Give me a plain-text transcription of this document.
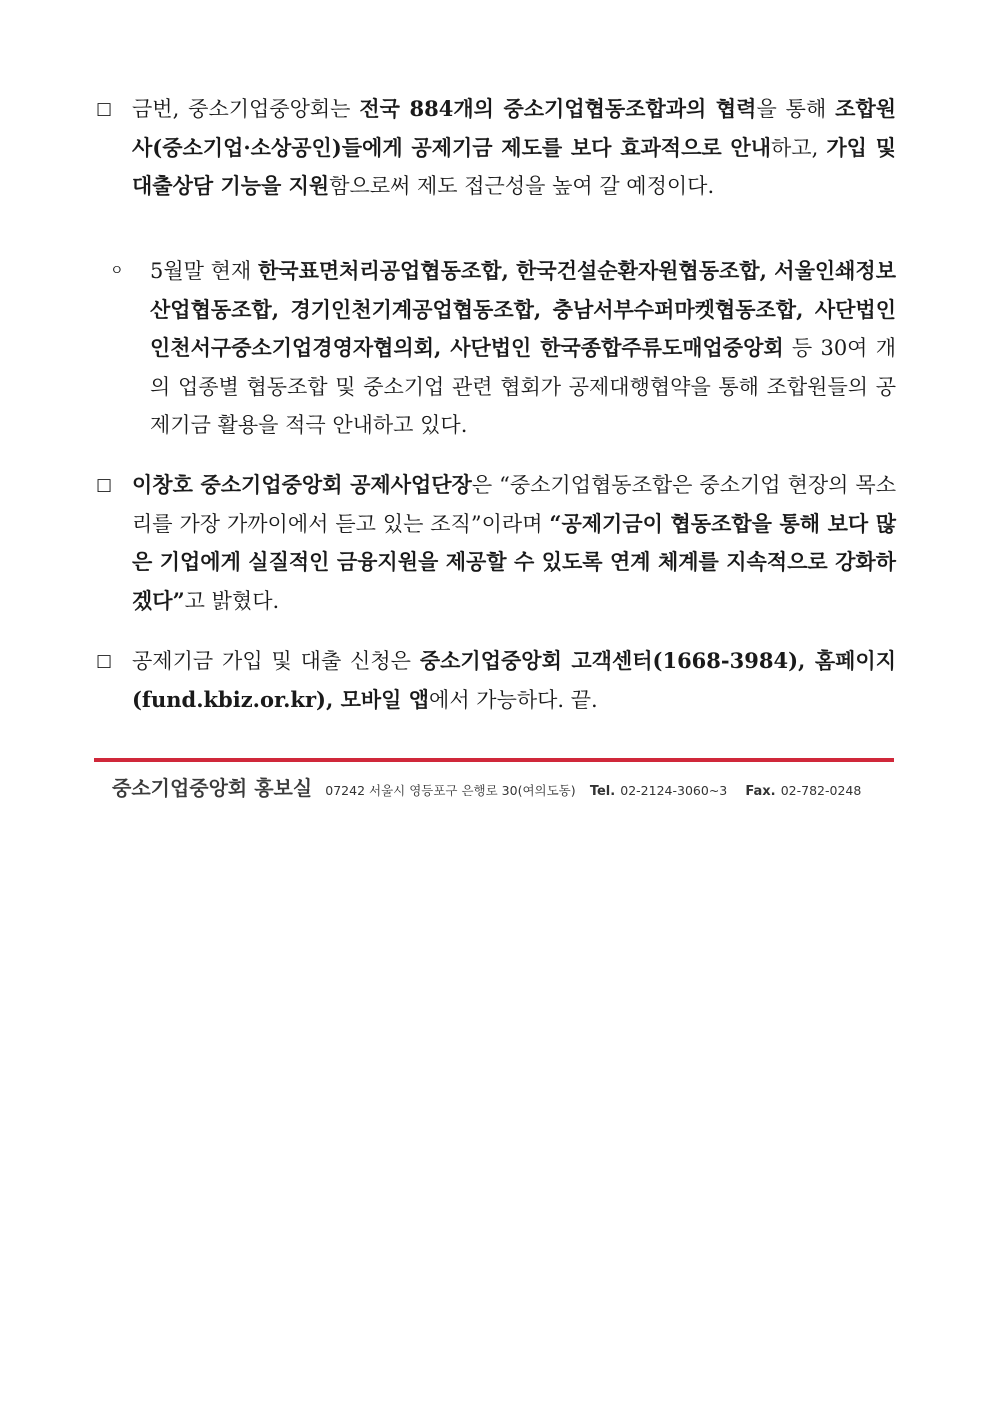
□ 금번, 중소기업중앙회는 전국 884개의 중소기업협동조합과의 협력을 통해 조합원사(중소기업·소상공인)들에게 공제기금 제도를 보다 효과적으로 안내하고, 가입 및 대출상담 기능을 지원함으로써 제도 접근성을 높여 갈 예정이다.
ㅇ	5월말 현재 한국표면처리공업협동조합, 한국건설순환자원협동조합, 서울인쇄정보산업협동조합, 경기인천기계공업협동조합, 충남서부수퍼마켓협동조합, 사단법인 인천서구중소기업경영자협의회, 사단법인 한국종합주류도매업중앙회 등 30여 개의 업종별 협동조합 및 중소기업 관련 협회가 공제대행협약을 통해 조합원들의 공제기금 활용을 적극 안내하고 있다.
□ 이창호 중소기업중앙회 공제사업단장은 “중소기업협동조합은 중소기업 현장의 목소리를 가장 가까이에서 듣고 있는 조직”이라며 “공제기금이 협동조합을 통해 보다 많은 기업에게 실질적인 금융지원을 제공할 수 있도록 연계 체계를 지속적으로 강화하겠다”고 밝혔다.
□ 공제기금 가입 및 대출 신청은 중소기업중앙회 고객센터(1668-3984), 홈페이지(fund.kbiz.or.kr), 모바일 앱에서 가능하다. 끝.
중소기업중앙회 홍보실 07242 서울시 영등포구 은행로 30(여의도동) Tel. 02-2124-3060~3 Fax. 02-782-0248
